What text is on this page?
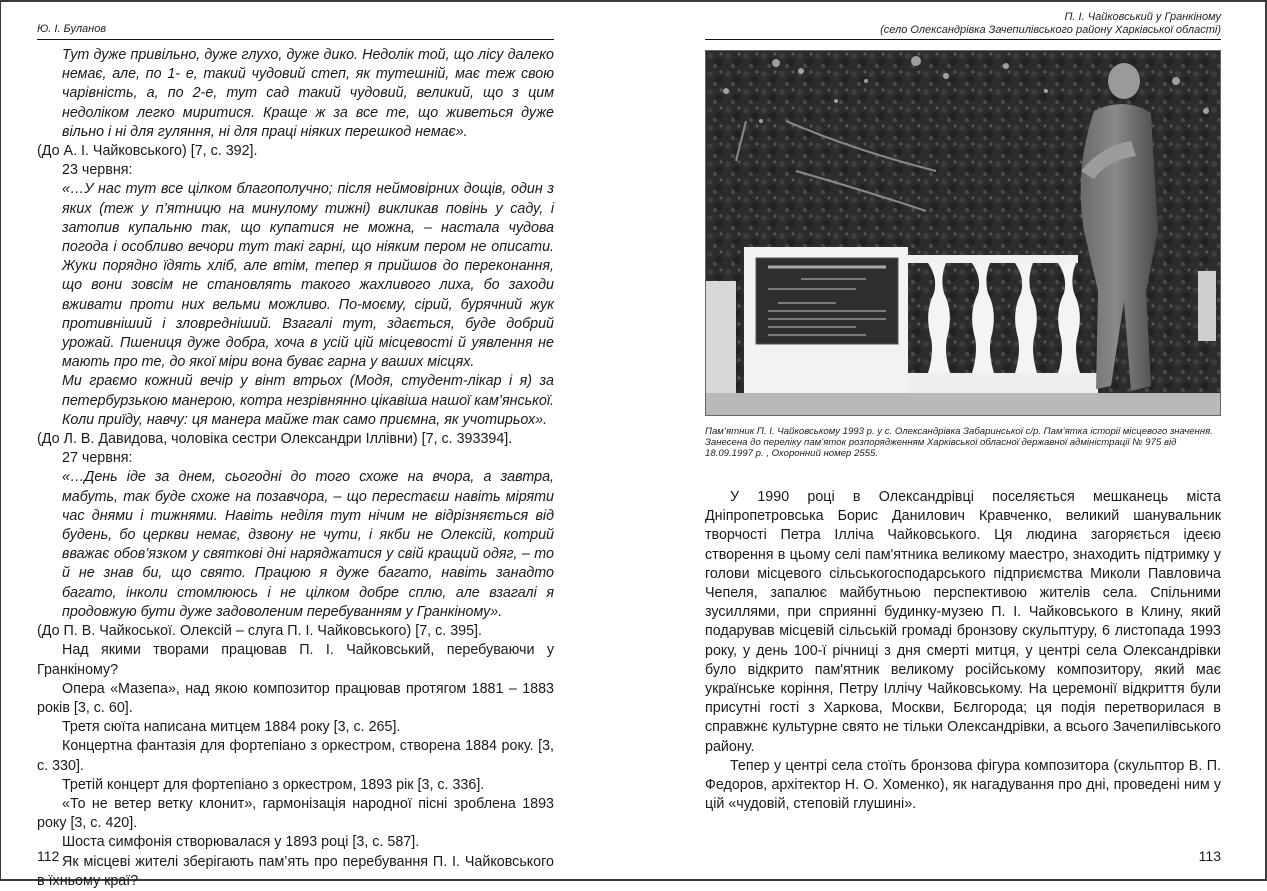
Ю. І. Буланов

Тут дуже привільно, дуже глухо, дуже дико. Недолік той, що лісу далеко немає, але, по 1- е, такий чудовий степ, як тутешній, має теж свою чарівність, а, по 2-е, тут сад такий чудовий, великий, що з цим недоліком легко миритися. Краще ж за все те, що живеться дуже вільно і ні для гуляння, ні для праці ніяких перешкод немає».

(До А. І. Чайковського) [7, с. 392].

23 червня:

«…У нас тут все цілком благополучно; після неймовірних дощів, один з яких (теж у п’ятницю на минулому тижні) викликав повінь у саду, і затопив купальню так, що купатися не можна, – настала чудова погода і особливо вечори тут такі гарні, що ніяким пером не описати. Жуки порядно їдять хліб, але втім, тепер я прийшов до переконання, що вони зовсім не становлять такого жахливого лиха, бо заходи вживати проти них вельми можливо. По-моєму, сірий, бурячний жук противніший і зловредніший. Взагалі тут, здається, буде добрий урожай. Пшениця дуже добра, хоча в усій цій місцевості й уявлення не мають про те, до якої міри вона буває гарна у ваших місцях.

Ми граємо кожний вечір у вінт втрьох (Модя, студент-лікар і я) за петербурзькою манерою, котра незрівнянно цікавіша нашої кам’янської. Коли приїду, навчу: ця манера майже так само приємна, як учотирьох».

(До Л. В. Давидова, чоловіка сестри Олександри Іллівни) [7, с. 393394].

27 червня:

«…День іде за днем, сьогодні до того схоже на вчора, а завтра, мабуть, так буде схоже на позавчора, – що перестаєш навіть міряти час днями і тижнями. Навіть неділя тут нічим не відрізняється від будень, бо церкви немає, дзвону не чути, і якби не Олексій, котрий вважає обов’язком у святкові дні наряджатися у свій кращий одяг, – то й не знав би, що свято. Працюю я дуже багато, навіть занадто багато, інколи стомлююсь і не цілком добре сплю, але взагалі я продовжую бути дуже задоволеним перебуванням у Гранкіному».

(До П. В. Чайкоської. Олексій – слуга П. І. Чайковського) [7, с. 395].

Над якими творами працював П. І. Чайковський, перебуваючи у Гранкіному?

Опера «Мазепа», над якою композитор працював протягом 1881 – 1883 років [3, с. 60].

Третя сюїта написана митцем 1884 року [3, с. 265].

Концертна фантазія для фортепіано з оркестром, створена 1884 року. [3, с. 330].

Третій концерт для фортепіано з оркестром, 1893 рік [3, с. 336].

«То не ветер ветку клонит», гармонізація народної пісні зроблена 1893 року [3, с. 420].

Шоста симфонія створювалася у 1893 році [3, с. 587].

Як місцеві жителі зберігають пам’ять про перебування П. І. Чайковського в їхньому краї?

112
П. І. Чайковський у Гранкіному
(село Олександрівка Зачепилівського району Харківської області)
Пам’ятник П. І. Чайковському 1993 р. у с. Олександрівка Забаринської с/р. Пам’ятка історії місцевого значення. Занесена до переліку пам’яток розпорядженням Харківської обласної державної адміністрації № 975 від 18.09.1997 р. , Охоронний номер 2555.

У 1990 році в Олександрівці поселяється мешканець міста Дніпропетровська Борис Данилович Кравченко, великий шанувальник творчості Петра Ілліча Чайковського. Ця людина загоряється ідеєю створення в цьому селі пам'ятника великому маестро, знаходить підтримку у голови місцевого сільськогосподарського підприємства Миколи Павловича Чепеля, запалює майбутньою перспективою жителів села. Спільними зусиллями, при сприянні будинку-музею П. І. Чайковського в Клину, який подарував місцевій сільській громаді бронзову скульптуру, 6 листопада 1993 року, у день 100-ї річниці з дня смерті митця, у центрі села Олександрівки було відкрито пам'ятник великому російському композитору, який має українське коріння, Петру Іллічу Чайковському. На церемонії відкриття були присутні гості з Харкова, Москви, Бєлгорода; ця подія перетворилася в справжнє культурне свято не тільки Олександрівки, а всього Зачепилівського району.

Тепер у центрі села стоїть бронзова фігура композитора (скульптор В. П. Федоров, архітектор Н. О. Хоменко), як нагадування про дні, проведені ним у цій «чудовій, степовій глушині».

113
